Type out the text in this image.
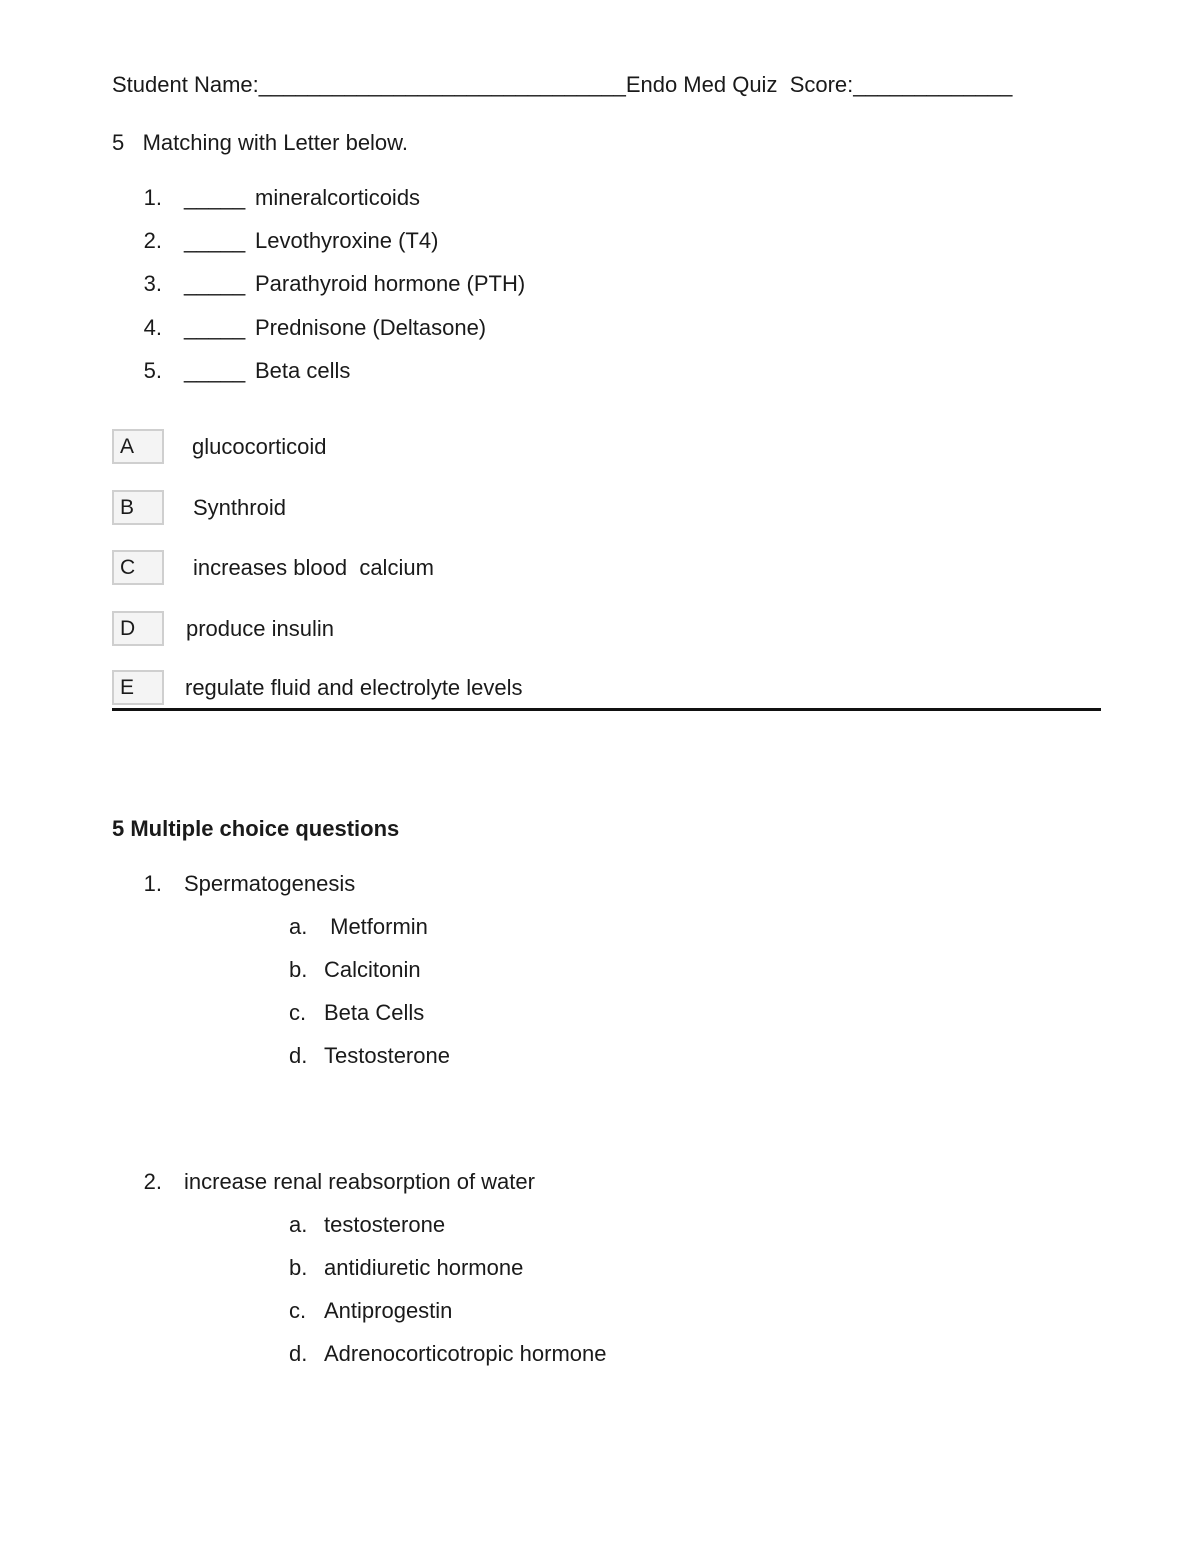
Student Name:______________________________Endo Med Quiz Score:_____________
5 Matching with Letter below.
1. _____ mineralcorticoids
2. _____ Levothyroxine (T4)
3. _____ Parathyroid hormone (PTH)
4. _____ Prednisone (Deltasone)
5. _____ Beta cells
A	glucocorticoid
B	Synthroid
C	increases blood  calcium
D	produce insulin
E	regulate fluid and electrolyte levels
5 Multiple choice questions
1. Spermatogenesis
a. Metformin
b. Calcitonin
c. Beta Cells
d. Testosterone
2. increase renal reabsorption of water
a. testosterone
b. antidiuretic hormone
c. Antiprogestin
d. Adrenocorticotropic hormone
